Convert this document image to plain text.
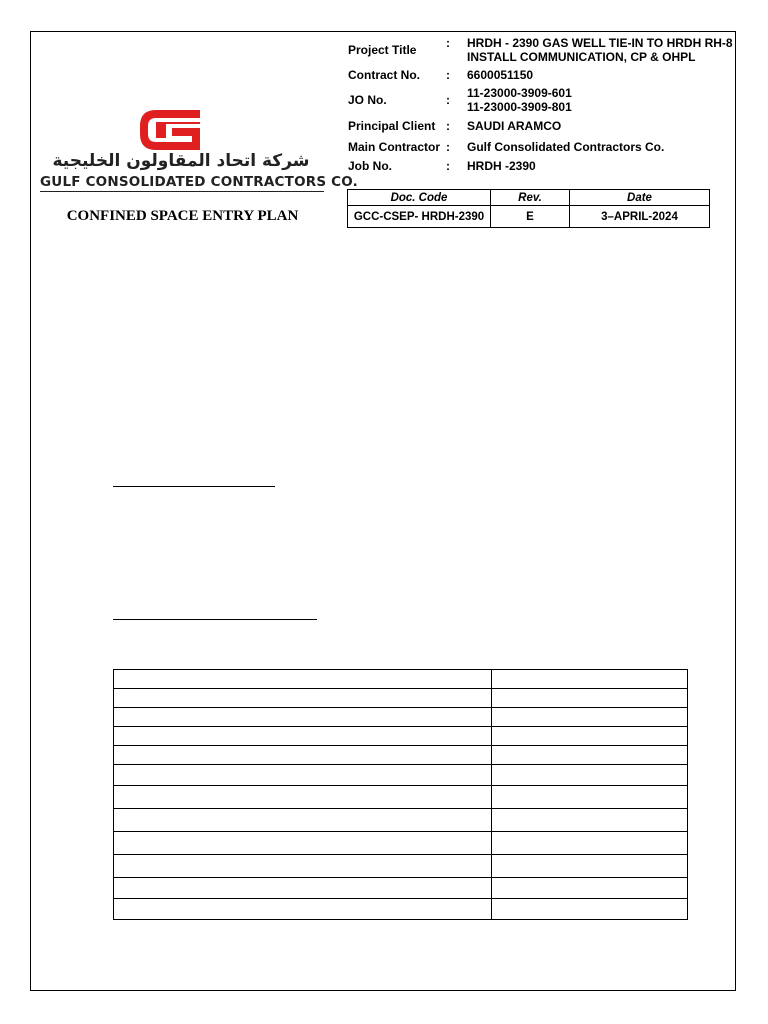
شركة اتحاد المقاولون الخليجية
GULF CONSOLIDATED CONTRACTORS CO.
CONFINED SPACE ENTRY PLAN
Project Title : HRDH - 2390 GAS WELL TIE-IN TO HRDH RH-8
INSTALL COMMUNICATION, CP & OHPL
Contract No. : 6600051150
JO No.	: 11-23000-3909-601
11-23000-3909-801
Principal Client : SAUDI ARAMCO
Main Contractor : Gulf Consolidated Contractors Co.
Job No.	: HRDH -2390
Doc. Code	Rev.	Date
GCC-CSEP- HRDH-2390	E	3–APRIL-2024
